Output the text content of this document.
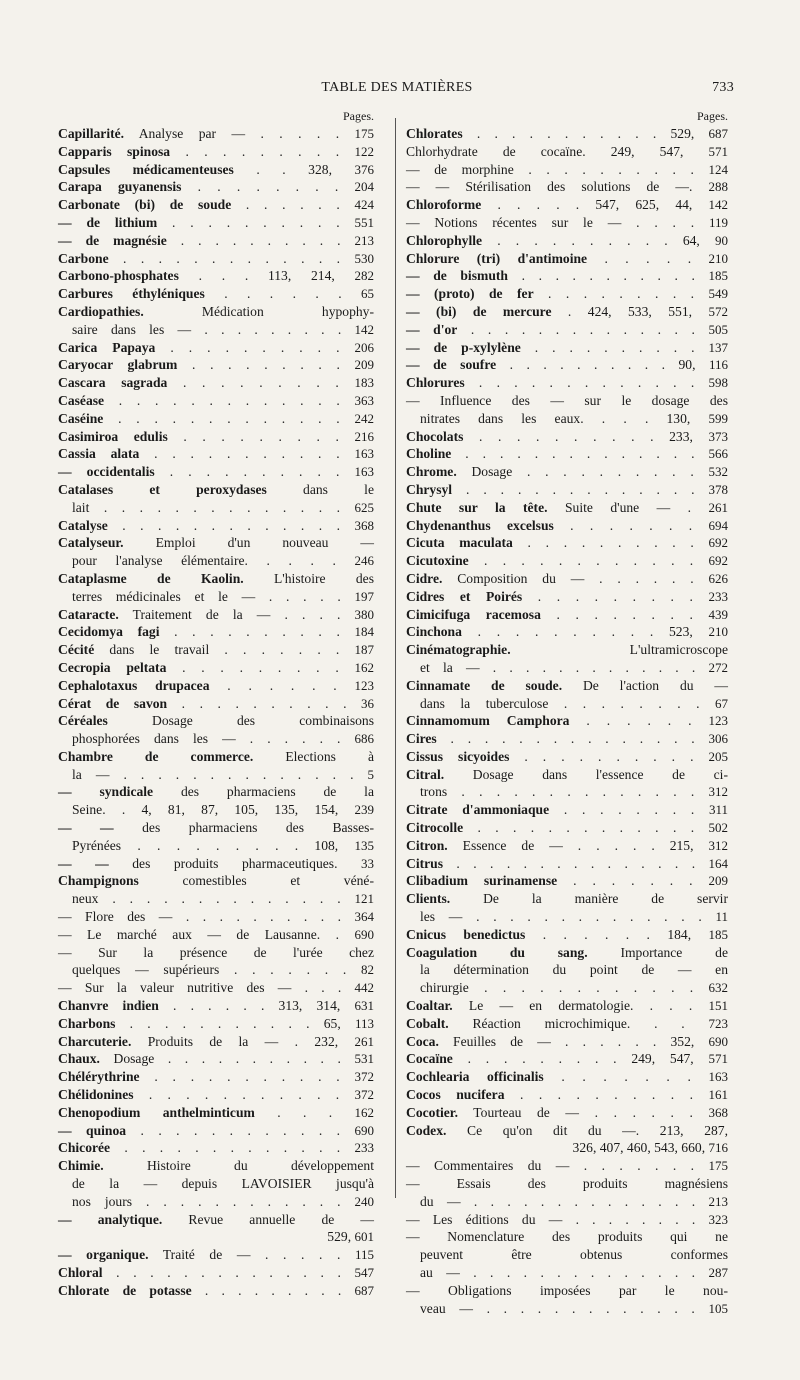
TABLE DES MATIÈRES	733
Pages.
Capillarité. Analyse par — . . . . . 175
Capparis spinosa . . . . . . . . . 122
Capsules médicamenteuses . . 328, 376
Carapa guyanensis . . . . . . . . 204
Carbonate (bi) de soude . . . . . . 424
— de lithium . . . . . . . . . . 551
— de magnésie . . . . . . . . . . 213
Carbone . . . . . . . . . . . . . 530
Carbono-phosphates . . . 113, 214, 282
Carbures éthyléniques . . . . . . 65
Cardiopathies. Médication hypophy-
saire dans les — . . . . . . . . . 142
Carica Papaya . . . . . . . . . . 206
Caryocar glabrum . . . . . . . . . 209
Cascara sagrada . . . . . . . . . 183
Caséase . . . . . . . . . . . . . 363
Caséine . . . . . . . . . . . . . 242
Casimiroa edulis . . . . . . . . . 216
Cassia alata . . . . . . . . . . . 163
— occidentalis . . . . . . . . . . 163
Catalases et peroxydases dans le
lait . . . . . . . . . . . . . . 625
Catalyse . . . . . . . . . . . . . 368
Catalyseur. Emploi d'un nouveau —
pour l'analyse élémentaire. . . . . 246
Cataplasme de Kaolin. L'histoire des
terres médicinales et le — . . . . . 197
Cataracte. Traitement de la — . . . . 380
Cecidomya fagi . . . . . . . . . . 184
Cécité dans le travail . . . . . . . 187
Cecropia peltata . . . . . . . . . 162
Cephalotaxus drupacea . . . . . . 123
Cérat de savon . . . . . . . . . . 36
Céréales Dosage des combinaisons
phosphorées dans les — . . . . . . 686
Chambre de commerce. Elections à
la — . . . . . . . . . . . . . . 5
— syndicale des pharmaciens de la
Seine. . 4, 81, 87, 105, 135, 154, 239
— — des pharmaciens des Basses-
Pyrénées . . . . . . . . . 108, 135
— — des produits pharmaceutiques. 33
Champignons comestibles et véné-
neux . . . . . . . . . . . . . . 121
— Flore des — . . . . . . . . . . 364
— Le marché aux — de Lausanne. . 690
— Sur la présence de l'urée chez
quelques — supérieurs . . . . . . . 82
— Sur la valeur nutritive des — . . . 442
Chanvre indien . . . . . . 313, 314, 631
Charbons . . . . . . . . . . . 65, 113
Charcuterie. Produits de la — . 232, 261
Chaux. Dosage . . . . . . . . . . . 531
Chélérythrine . . . . . . . . . . . 372
Chélidonines . . . . . . . . . . . 372
Chenopodium anthelminticum . . . 162
— quinoa . . . . . . . . . . . . 690
Chicorée . . . . . . . . . . . . . 233
Chimie. Histoire du développement
de la — depuis LAVOISIER jusqu'à
nos jours . . . . . . . . . . . . 240
— analytique. Revue annuelle de —
529, 601
— organique. Traité de — . . . . . 115
Chloral . . . . . . . . . . . . . . 547
Chlorate de potasse . . . . . . . . . 687
Pages.
Chlorates . . . . . . . . . . . 529, 687
Chlorhydrate de cocaïne. 249, 547, 571
— de morphine . . . . . . . . . . 124
— — Stérilisation des solutions de —. 288
Chloroforme . . . . . 547, 625, 44, 142
— Notions récentes sur le — . . . . 119
Chlorophylle . . . . . . . . . . 64, 90
Chlorure (tri) d'antimoine . . . . . 210
— de bismuth . . . . . . . . . . . 185
— (proto) de fer . . . . . . . . . 549
— (bi) de mercure . 424, 533, 551, 572
— d'or . . . . . . . . . . . . . . 505
— de p-xylylène . . . . . . . . . . 137
— de soufre . . . . . . . . . . 90, 116
Chlorures . . . . . . . . . . . . . 598
— Influence des — sur le dosage des
nitrates dans les eaux. . . . 130, 599
Chocolats . . . . . . . . . . 233, 373
Choline . . . . . . . . . . . . . . 566
Chrome. Dosage . . . . . . . . . . 532
Chrysyl . . . . . . . . . . . . . . 378
Chute sur la tête. Suite d'une — . 261
Chydenanthus excelsus . . . . . . . 694
Cicuta maculata . . . . . . . . . . 692
Cicutoxine . . . . . . . . . . . . 692
Cidre. Composition du — . . . . . . 626
Cidres et Poirés . . . . . . . . . 233
Cimicifuga racemosa . . . . . . . . 439
Cinchona . . . . . . . . . . 523, 210
Cinématographie. L'ultramicroscope
et la — . . . . . . . . . . . . . 272
Cinnamate de soude. De l'action du —
dans la tuberculose . . . . . . . . 67
Cinnamomum Camphora . . . . . . 123
Cires . . . . . . . . . . . . . . . 306
Cissus sicyoides . . . . . . . . . . 205
Citral. Dosage dans l'essence de ci-
trons . . . . . . . . . . . . . . 312
Citrate d'ammoniaque . . . . . . . . 311
Citrocolle . . . . . . . . . . . . . 502
Citron. Essence de — . . . . . 215, 312
Citrus . . . . . . . . . . . . . . . 164
Clibadium surinamense . . . . . . . 209
Clients. De la manière de servir
les — . . . . . . . . . . . . . . 11
Cnicus benedictus . . . . . . 184, 185
Coagulation du sang. Importance de
la détermination du point de — en
chirurgie . . . . . . . . . . . . 632
Coaltar. Le — en dermatologie. . . . 151
Cobalt. Réaction microchimique. . . 723
Coca. Feuilles de — . . . . . . 352, 690
Cocaïne . . . . . . . . . 249, 547, 571
Cochlearia officinalis . . . . . . . 163
Cocos nucifera . . . . . . . . . . 161
Cocotier. Tourteau de — . . . . . . 368
Codex. Ce qu'on dit du —. 213, 287,
326, 407, 460, 543, 660, 716
— Commentaires du — . . . . . . . 175
— Essais des produits magnésiens
du — . . . . . . . . . . . . . . 213
— Les éditions du — . . . . . . . . 323
— Nomenclature des produits qui ne
peuvent être obtenus conformes
au — . . . . . . . . . . . . . . 287
— Obligations imposées par le nou-
veau — . . . . . . . . . . . . . 105
